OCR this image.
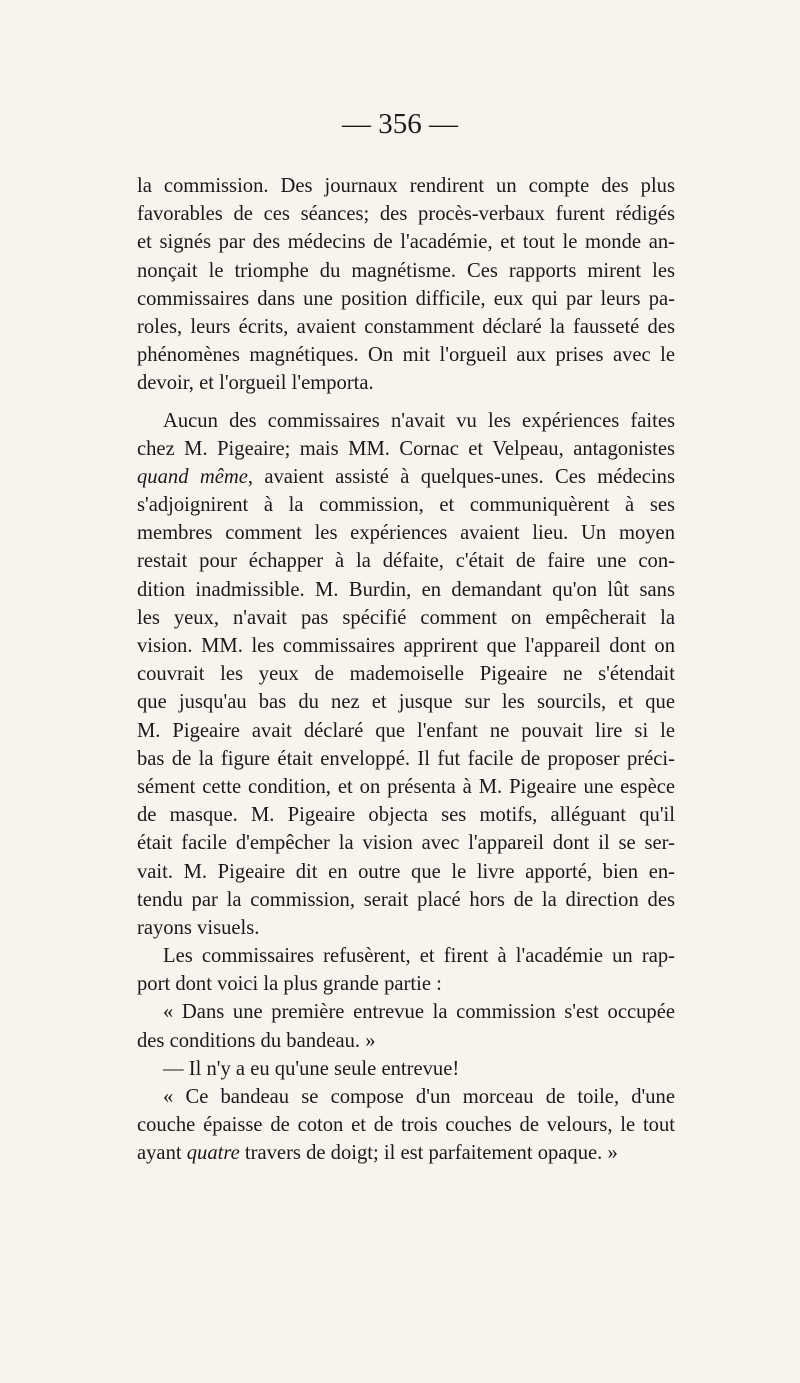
— 356 —
la commission. Des journaux rendirent un compte des plus
favorables de ces séances; des procès-verbaux furent rédigés
et signés par des médecins de l'académie, et tout le monde an-
nonçait le triomphe du magnétisme. Ces rapports mirent les
commissaires dans une position difficile, eux qui par leurs pa-
roles, leurs écrits, avaient constamment déclaré la fausseté des
phénomènes magnétiques. On mit l'orgueil aux prises avec le
devoir, et l'orgueil l'emporta.
Aucun des commissaires n'avait vu les expériences faites
chez M. Pigeaire; mais MM. Cornac et Velpeau, antagonistes
quand même, avaient assisté à quelques-unes. Ces médecins
s'adjoignirent à la commission, et communiquèrent à ses
membres comment les expériences avaient lieu. Un moyen
restait pour échapper à la défaite, c'était de faire une con-
dition inadmissible. M. Burdin, en demandant qu'on lût sans
les yeux, n'avait pas spécifié comment on empêcherait la
vision. MM. les commissaires apprirent que l'appareil dont on
couvrait les yeux de mademoiselle Pigeaire ne s'étendait
que jusqu'au bas du nez et jusque sur les sourcils, et que
M. Pigeaire avait déclaré que l'enfant ne pouvait lire si le
bas de la figure était enveloppé. Il fut facile de proposer préci-
sément cette condition, et on présenta à M. Pigeaire une espèce
de masque. M. Pigeaire objecta ses motifs, alléguant qu'il
était facile d'empêcher la vision avec l'appareil dont il se ser-
vait. M. Pigeaire dit en outre que le livre apporté, bien en-
tendu par la commission, serait placé hors de la direction des
rayons visuels.
Les commissaires refusèrent, et firent à l'académie un rap-
port dont voici la plus grande partie :
« Dans une première entrevue la commission s'est occupée
des conditions du bandeau. »
— Il n'y a eu qu'une seule entrevue!
« Ce bandeau se compose d'un morceau de toile, d'une
couche épaisse de coton et de trois couches de velours, le tout
ayant quatre travers de doigt; il est parfaitement opaque. »
